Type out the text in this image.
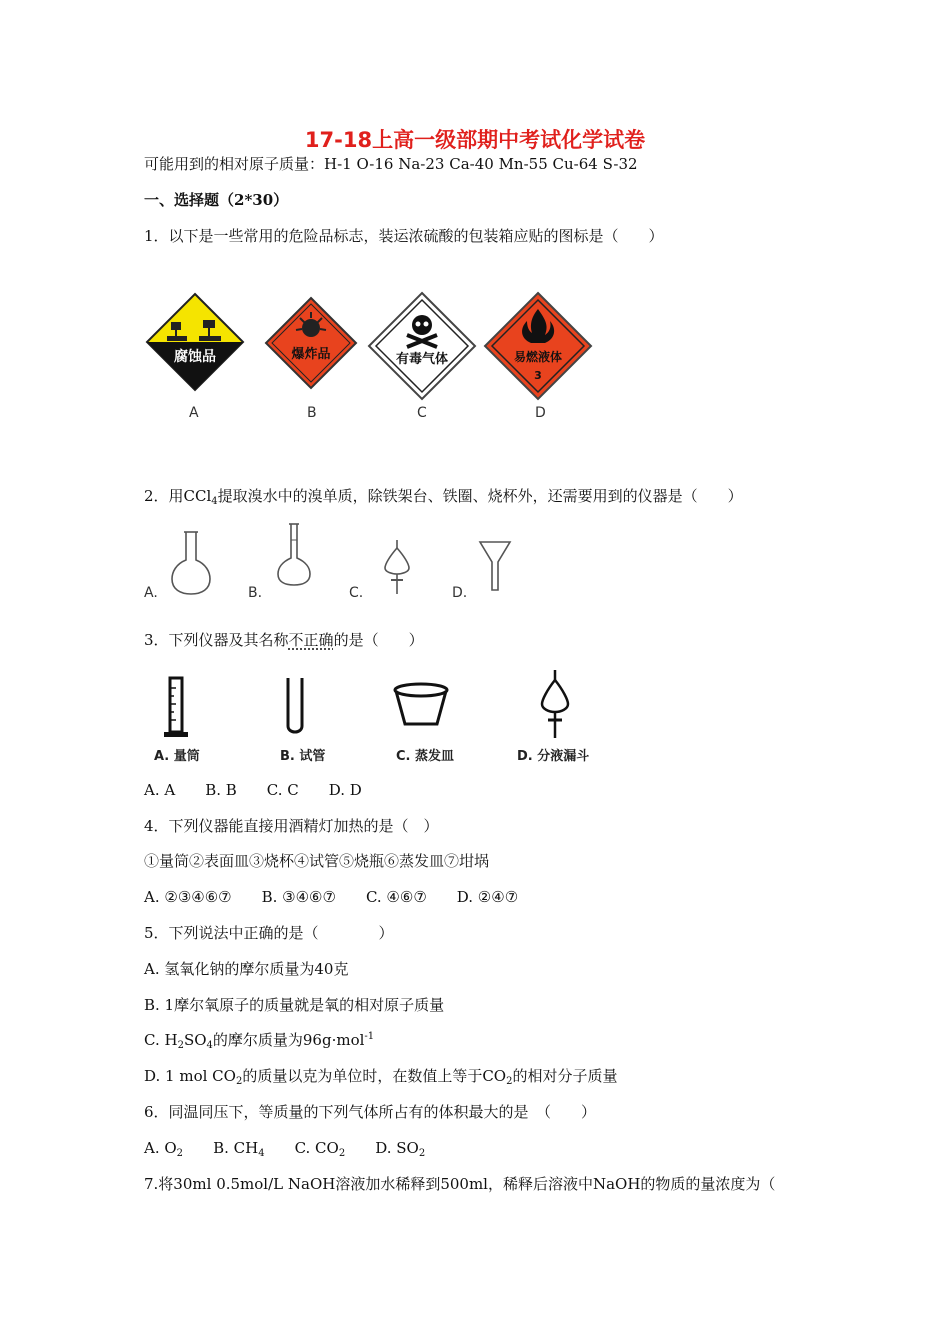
17-18上高一级部期中考试化学试卷
可能用到的相对原子质量：H-1 O-16 Na-23 Ca-40 Mn-55 Cu-64 S-32
一、选择题（2*30）
1．以下是一些常用的危险品标志，装运浓硫酸的包装箱应贴的图标是（　　）
腐蚀品	爆炸品	有毒气体	易燃液体
3
A	B	C	D
2．用CCl$_4$提取溴水中的溴单质，除铁架台、铁圈、烧杯外，还需要用到的仪器是（　　）
A.	B.	C.	D.
3．下列仪器及其名称不正确的是（　　）
A. 量筒	B. 试管	C. 蒸发皿	D. 分液漏斗
A. A　　B. B　　C. C　　D. D
4．下列仪器能直接用酒精灯加热的是（　）
①量筒②表面皿③烧杯④试管⑤烧瓶⑥蒸发皿⑦坩埚
A. ②③④⑥⑦　　B. ③④⑥⑦　　C. ④⑥⑦　　D. ②④⑦
5．下列说法中正确的是（　　　　）
A. 氢氧化钠的摩尔质量为40克
B. 1摩尔氧原子的质量就是氧的相对原子质量
C. $H_2SO_4$的摩尔质量为96g·mol$^{-1}$
D. 1 mol $CO_2$的质量以克为单位时，在数值上等于$CO_2$的相对分子质量
6．同温同压下，等质量的下列气体所占有的体积最大的是　（　　）
A. $O_2$　　 B. $CH_4$　　 C. $CO_2$　　 D. $SO_2$
7.将30ml 0.5mol/L NaOH溶液加水稀释到500ml，稀释后溶液中NaOH的物质的量浓度为（
